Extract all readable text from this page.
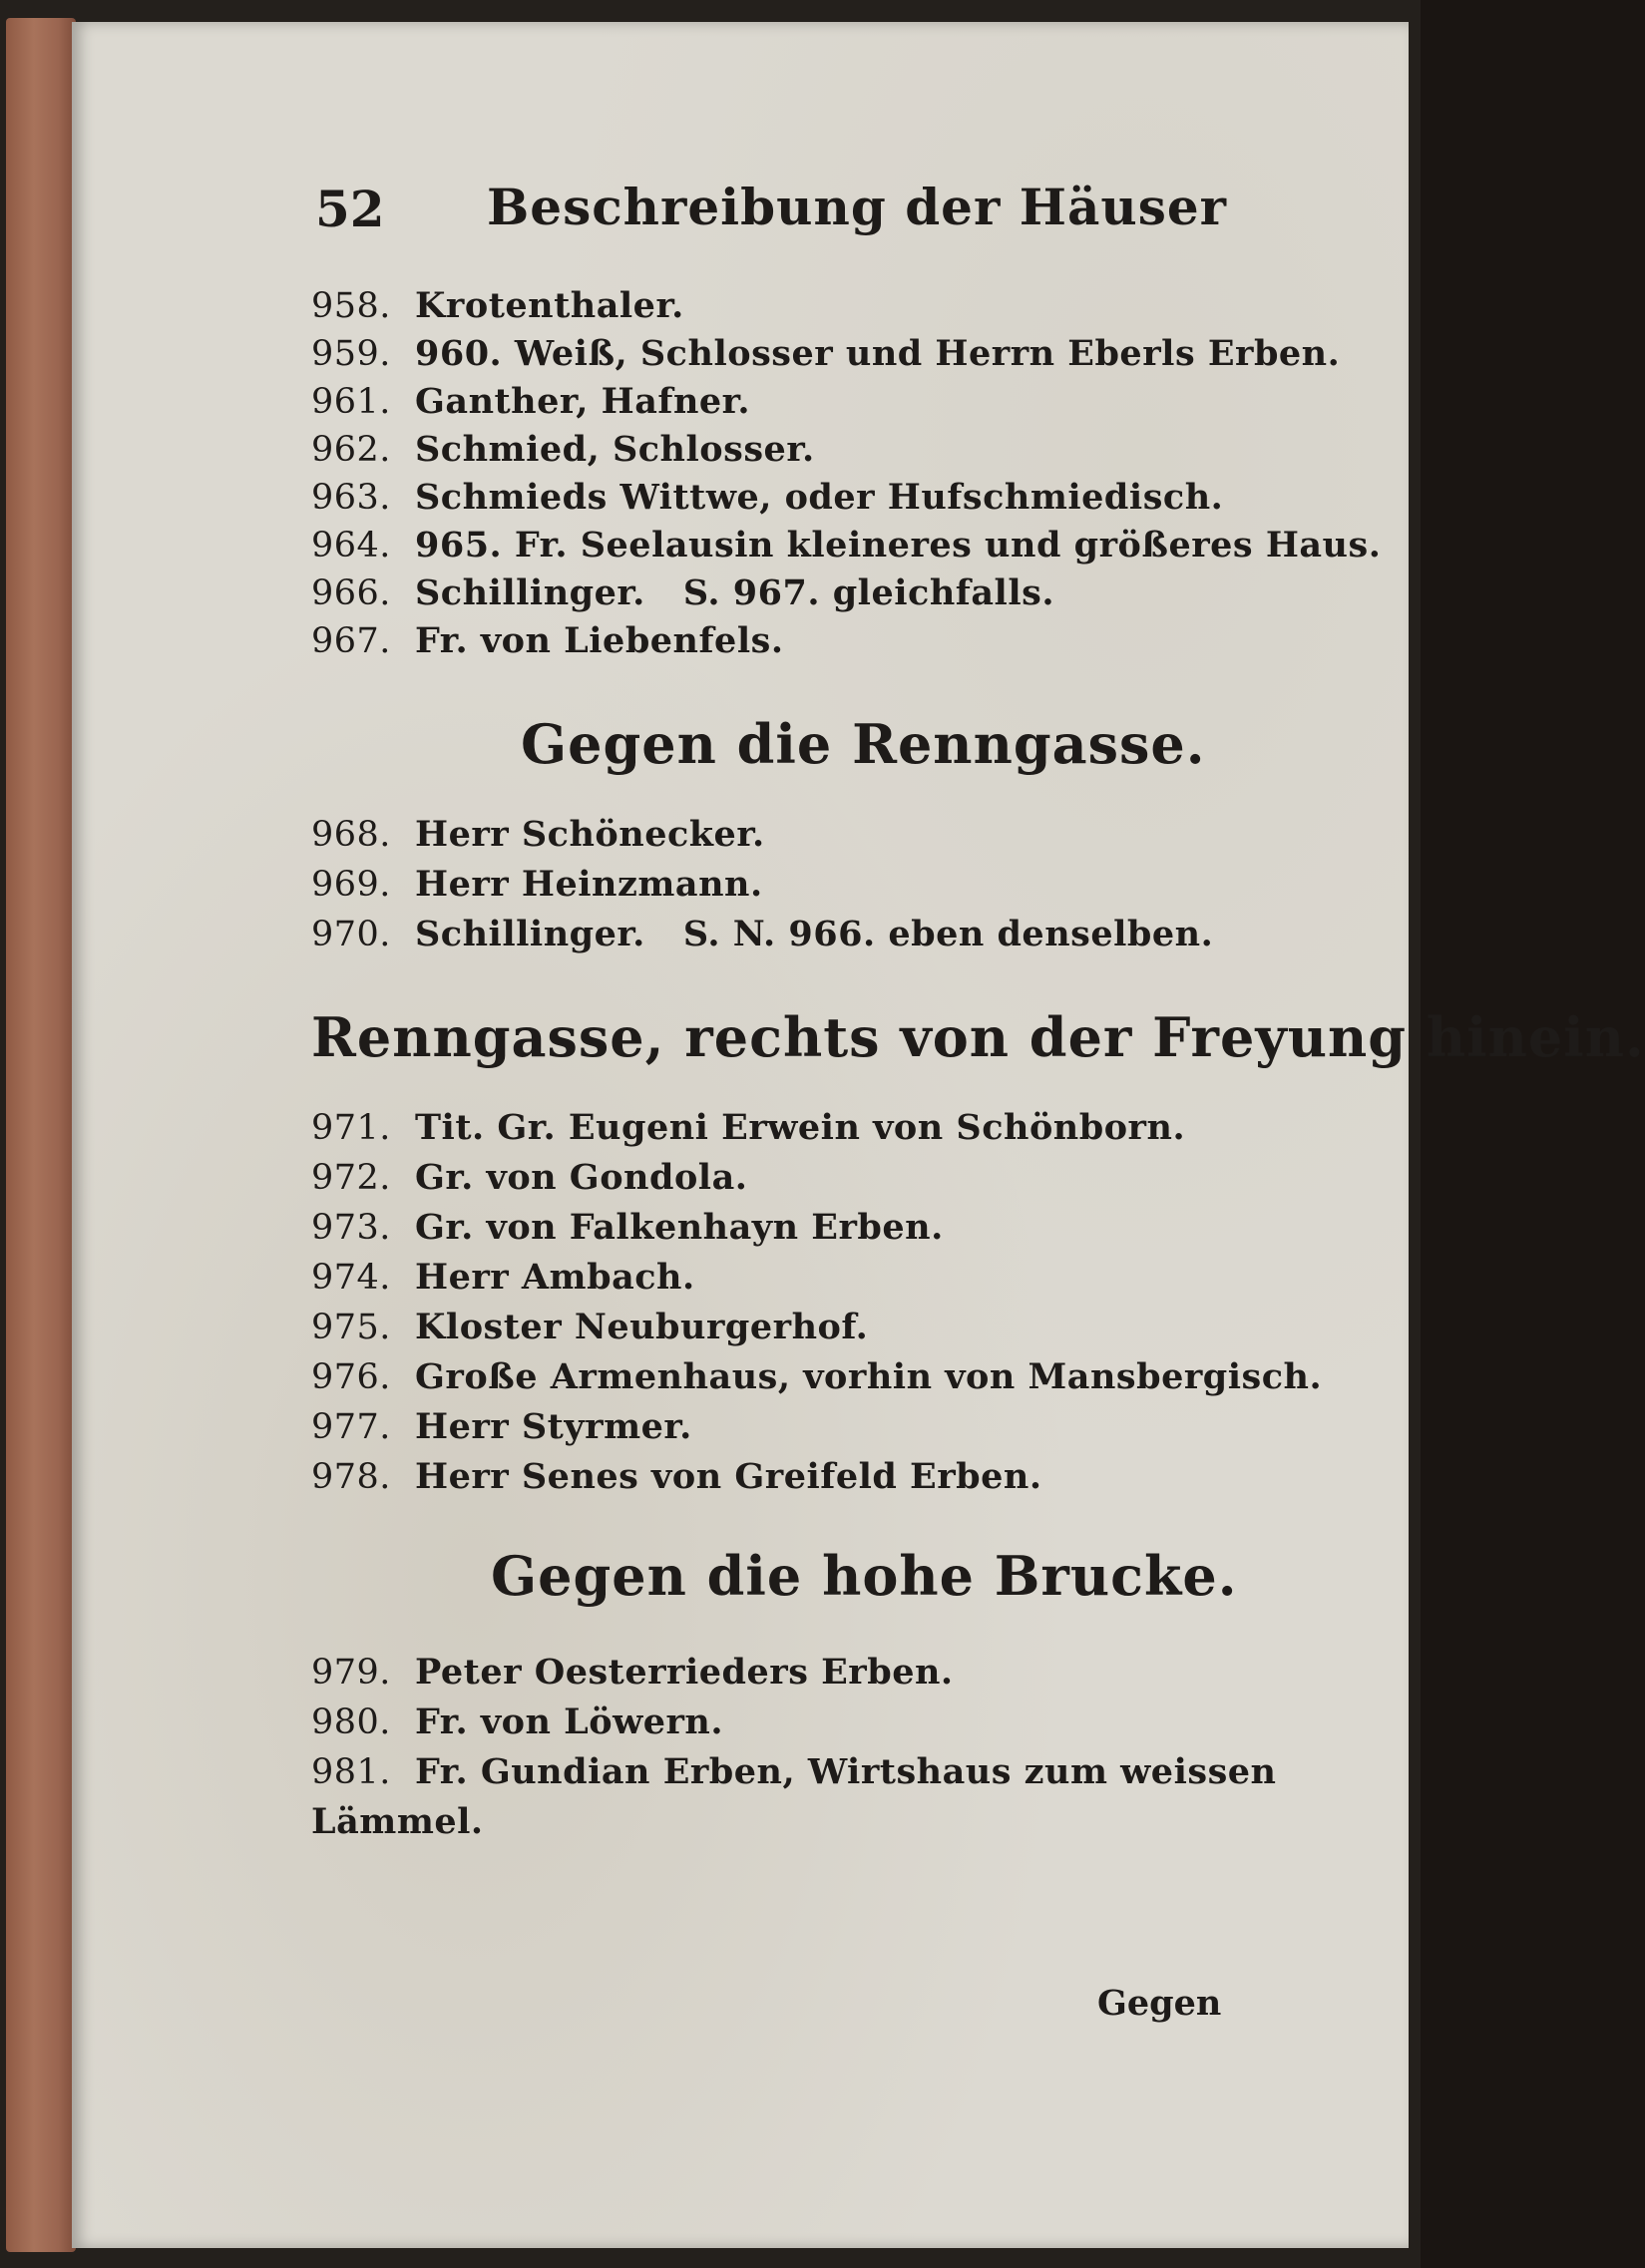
52 Beschreibung der Häuser
958. Krotenthaler.
959. 960. Weiß, Schlosser und Herrn Eberls Erben.
961. Ganther, Hafner.
962. Schmied, Schlosser.
963. Schmieds Wittwe, oder Hufschmiedisch.
964. 965. Fr. Seelausin kleineres und größeres Haus.
966. Schillinger.   S. 967. gleichfalls.
967. Fr. von Liebenfels.
Gegen die Renngasse.
968. Herr Schönecker.
969. Herr Heinzmann.
970. Schillinger.   S. N. 966. eben denselben.
Renngasse, rechts von der Freyung hinein.
971. Tit. Gr. Eugeni Erwein von Schönborn.
972. Gr. von Gondola.
973. Gr. von Falkenhayn Erben.
974. Herr Ambach.
975. Kloster Neuburgerhof.
976. Große Armenhaus, vorhin von Mansbergisch.
977. Herr Styrmer.
978. Herr Senes von Greifeld Erben.
Gegen die hohe Brucke.
979. Peter Oesterrieders Erben.
980. Fr. von Löwern.
981. Fr. Gundian Erben, Wirtshaus zum weissen
Lämmel.
Gegen
